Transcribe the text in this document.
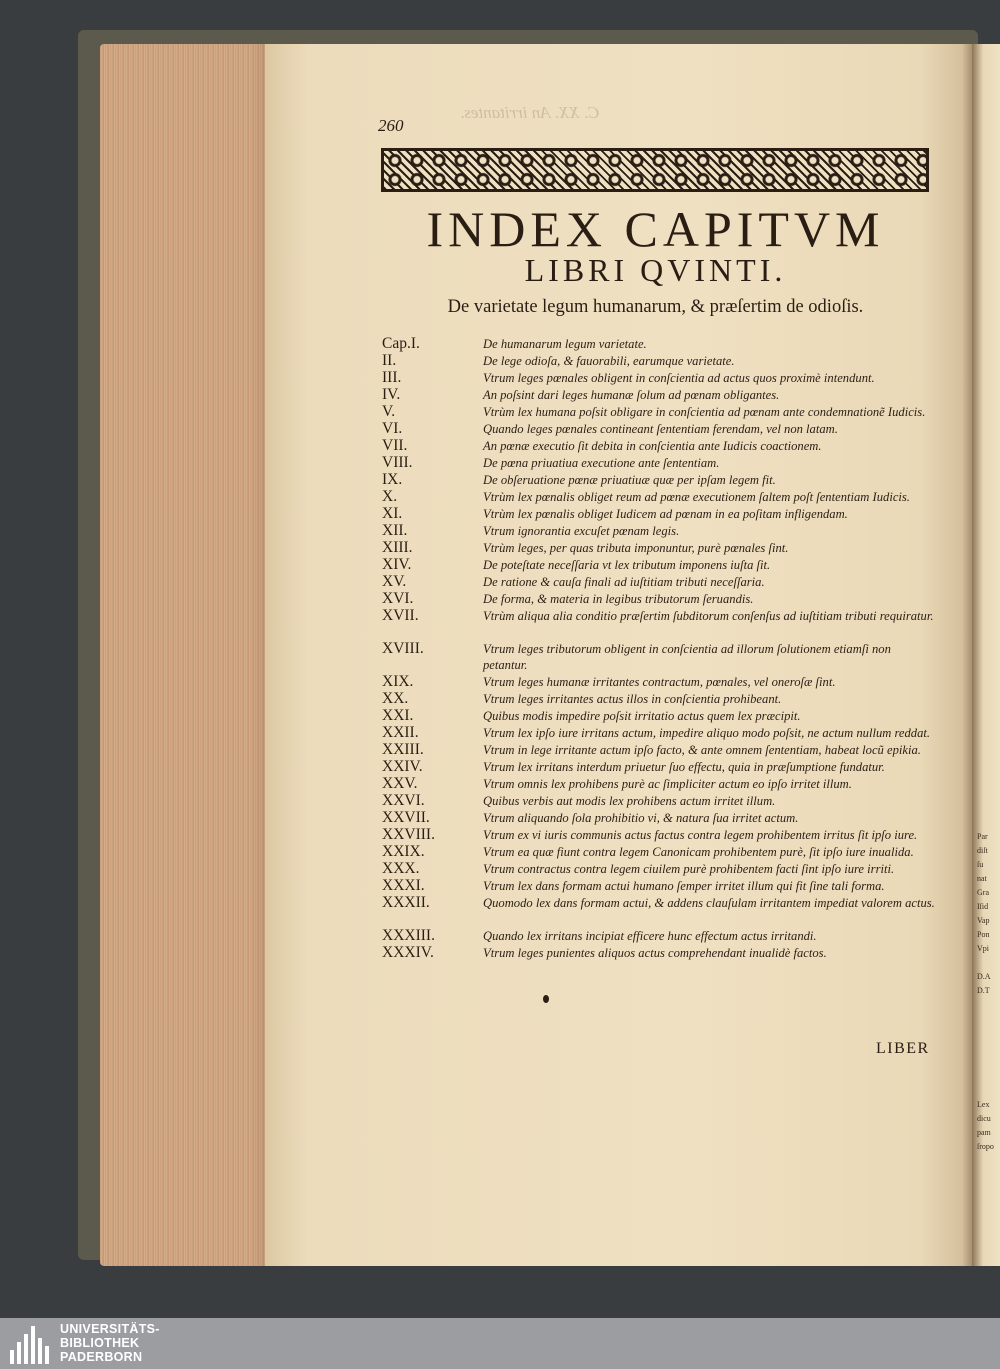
C. XX. An irritantes.
260
INDEX CAPITVM
LIBRI QVINTI.
De varietate legum humanarum, & præſertim de odioſis.
Cap.I.	De humanarum legum varietate.
II.	De lege odioſa, & fauorabili, earumque varietate.
III.	Vtrum leges pœnales obligent in conſcientia ad actus quos proximè intendunt.
IV.	An poſsint dari leges humanæ ſolum ad pœnam obligantes.
V.	Vtrùm lex humana poſsit obligare in conſcientia ad pœnam ante condemnationẽ Iudicis.
VI.	Quando leges pœnales contineant ſententiam ferendam, vel non latam.
VII.	An pœnæ executio ſit debita in conſcientia ante Iudicis coactionem.
VIII.	De pœna priuatiua executione ante ſententiam.
IX.	De obſeruatione pœnæ priuatiuæ quæ per ipſam legem fit.
X.	Vtrùm lex pœnalis obliget reum ad pœnæ executionem ſaltem poſt ſententiam Iudicis.
XI.	Vtrùm lex pœnalis obliget Iudicem ad pœnam in ea poſitam infligendam.
XII.	Vtrum ignorantia excuſet pœnam legis.
XIII.	Vtrùm leges, per quas tributa imponuntur, purè pœnales ſint.
XIV.	De poteſtate neceſſaria vt lex tributum imponens iuſta ſit.
XV.	De ratione & cauſa finali ad iuſtitiam tributi neceſſaria.
XVI.	De forma, & materia in legibus tributorum ſeruandis.
XVII.	Vtrùm aliqua alia conditio præſertim ſubditorum conſenſus ad iuſtitiam tributi requiratur.
XVIII.	Vtrum leges tributorum obligent in conſcientia ad illorum ſolutionem etiamſi non petantur.
XIX.	Vtrum leges humanæ irritantes contractum, pœnales, vel oneroſæ ſint.
XX.	Vtrum leges irritantes actus illos in conſcientia prohibeant.
XXI.	Quibus modis impedire poſsit irritatio actus quem lex præcipit.
XXII.	Vtrum lex ipſo iure irritans actum, impedire aliquo modo poſsit, ne actum nullum reddat.
XXIII.	Vtrum in lege irritante actum ipſo facto, & ante omnem ſententiam, habeat locũ epikia.
XXIV.	Vtrum lex irritans interdum priuetur ſuo effectu, quia in præſumptione fundatur.
XXV.	Vtrum omnis lex prohibens purè ac ſimpliciter actum eo ipſo irritet illum.
XXVI.	Quibus verbis aut modis lex prohibens actum irritet illum.
XXVII.	Vtrum aliquando ſola prohibitio vi, & natura ſua irritet actum.
XXVIII.	Vtrum ex vi iuris communis actus factus contra legem prohibentem irritus ſit ipſo iure.
XXIX.	Vtrum ea quæ fiunt contra legem Canonicam prohibentem purè, ſit ipſo iure inualida.
XXX.	Vtrum contractus contra legem ciuilem purè prohibentem facti ſint ipſo iure irriti.
XXXI.	Vtrum lex dans formam actui humano ſemper irritet illum qui fit ſine tali forma.
XXXII.	Quomodo lex dans formam actui, & addens clauſulam irritantem impediat valorem actus.
XXXIII.	Quando lex irritans incipiat efficere hunc effectum actus irritandi.
XXXIV.	Vtrum leges punientes aliquos actus comprehendant inualidè factos.
LIBER
Par
diſt
ſu
nat
Gra
Iſid
Vap
Pon
Vpi

D.A
D.T
Lex
dicu
pam
ſropo
UNIVERSITÄTS-
BIBLIOTHEK
PADERBORN
